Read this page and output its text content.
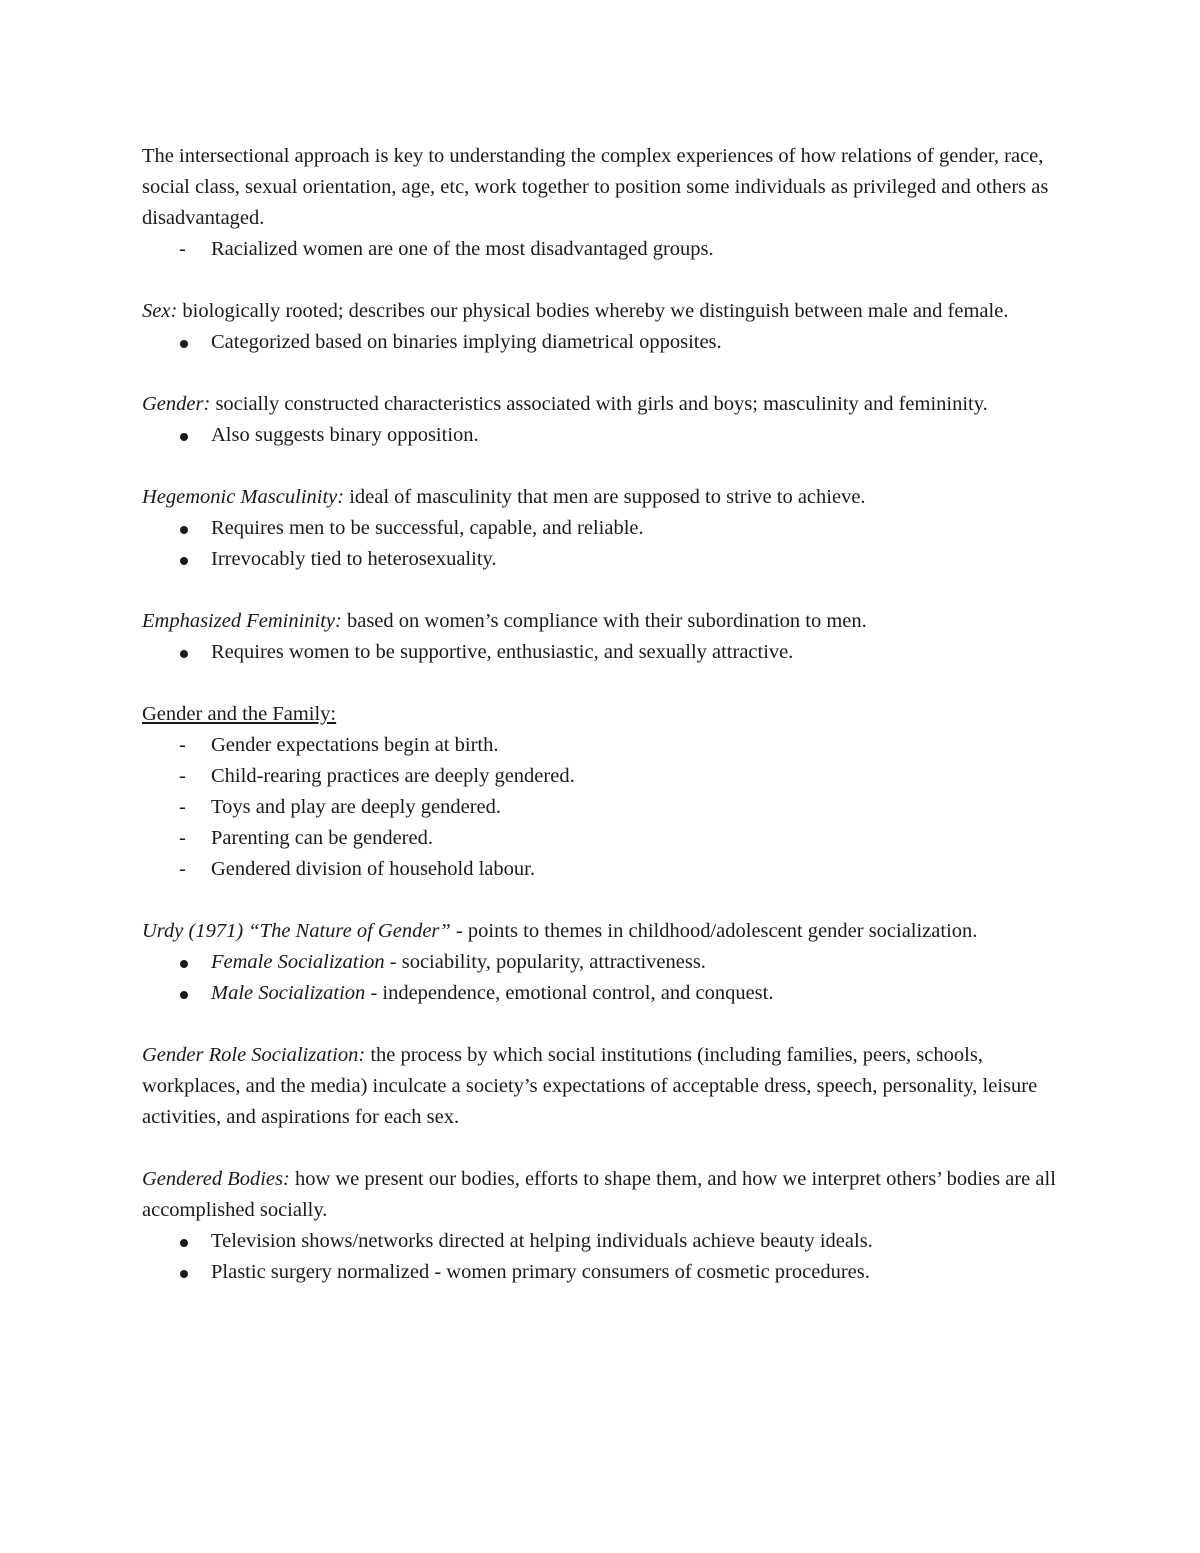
The intersectional approach is key to understanding the complex experiences of how relations of gender, race, social class, sexual orientation, age, etc, work together to position some individuals as privileged and others as disadvantaged.

Racialized women are one of the most disadvantaged groups.

Sex: biologically rooted; describes our physical bodies whereby we distinguish between male and female.

Categorized based on binaries implying diametrical opposites.

Gender: socially constructed characteristics associated with girls and boys; masculinity and femininity.

Also suggests binary opposition.

Hegemonic Masculinity: ideal of masculinity that men are supposed to strive to achieve.

Requires men to be successful, capable, and reliable.
Irrevocably tied to heterosexuality.

Emphasized Femininity: based on women’s compliance with their subordination to men.

Requires women to be supportive, enthusiastic, and sexually attractive.

Gender and the Family:

Gender expectations begin at birth.
Child-rearing practices are deeply gendered.
Toys and play are deeply gendered.
Parenting can be gendered.
Gendered division of household labour.

Urdy (1971) “The Nature of Gender” - points to themes in childhood/adolescent gender socialization.

Female Socialization - sociability, popularity, attractiveness.
Male Socialization - independence, emotional control, and conquest.

Gender Role Socialization: the process by which social institutions (including families, peers, schools, workplaces, and the media) inculcate a society’s expectations of acceptable dress, speech, personality, leisure activities, and aspirations for each sex.

Gendered Bodies: how we present our bodies, efforts to shape them, and how we interpret others’ bodies are all accomplished socially.

Television shows/networks directed at helping individuals achieve beauty ideals.
Plastic surgery normalized - women primary consumers of cosmetic procedures.
